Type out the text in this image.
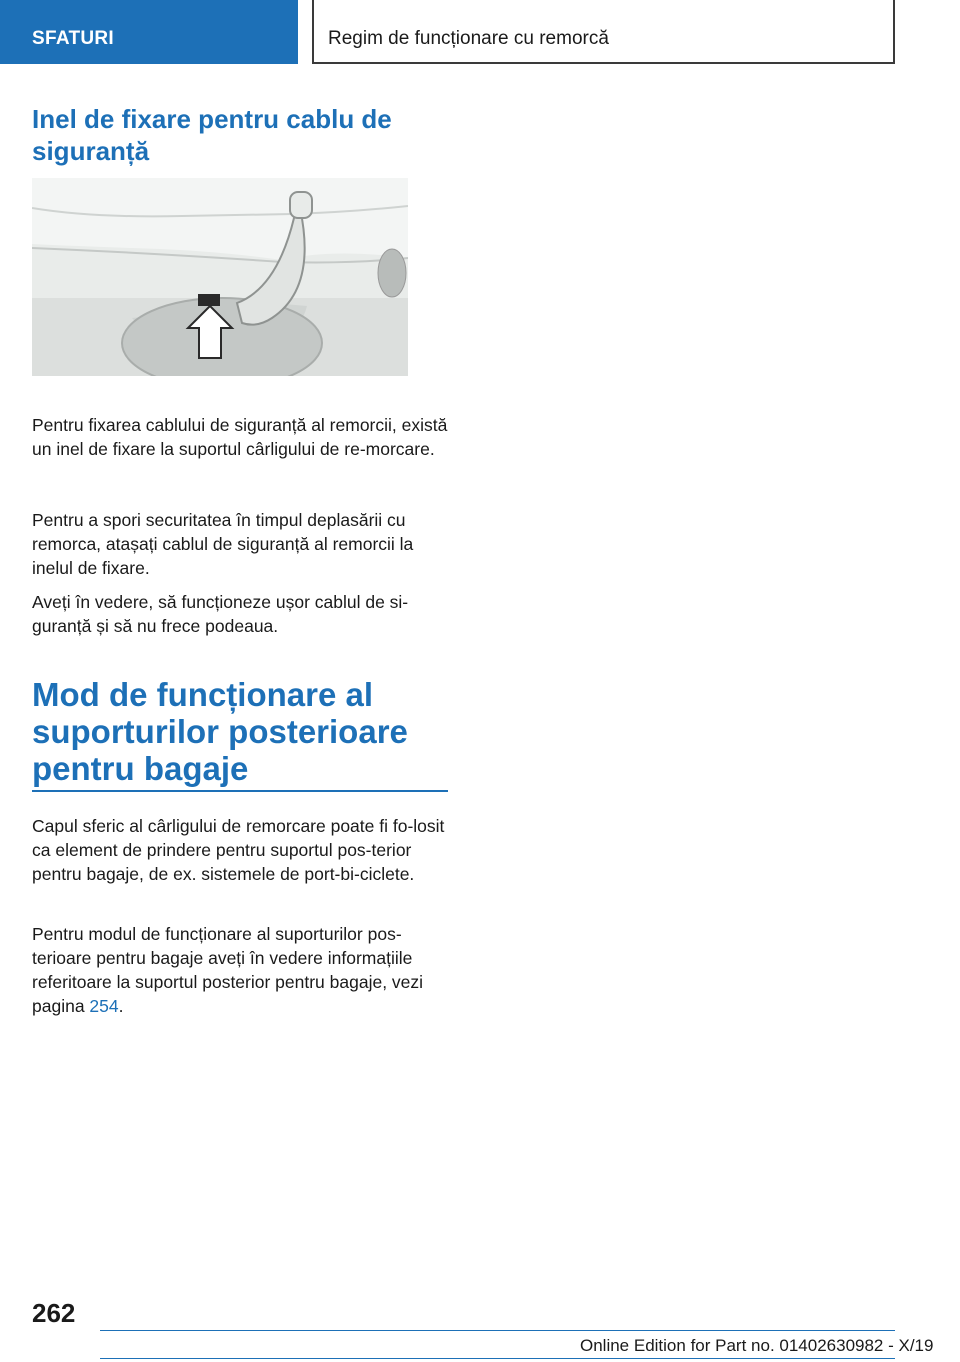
SFATURI	Regim de funcționare cu remorcă
Inel de fixare pentru cablu de siguranță

Pentru fixarea cablului de siguranță al remorcii, există un inel de fixare la suportul cârligului de re-morcare.

Pentru a spori securitatea în timpul deplasării cu remorca, atașați cablul de siguranță al remorcii la inelul de fixare.

Aveți în vedere, să funcționeze ușor cablul de si-guranță și să nu frece podeaua.

Mod de funcționare al suporturilor posterioare pentru bagaje

Capul sferic al cârligului de remorcare poate fi fo-losit ca element de prindere pentru suportul pos-terior pentru bagaje, de ex. sistemele de port-bi-ciclete.

Pentru modul de funcționare al suporturilor pos-terioare pentru bagaje aveți în vedere informațiile referitoare la suportul posterior pentru bagaje, vezi pagina 254.

262
Online Edition for Part no. 01402630982 - X/19
